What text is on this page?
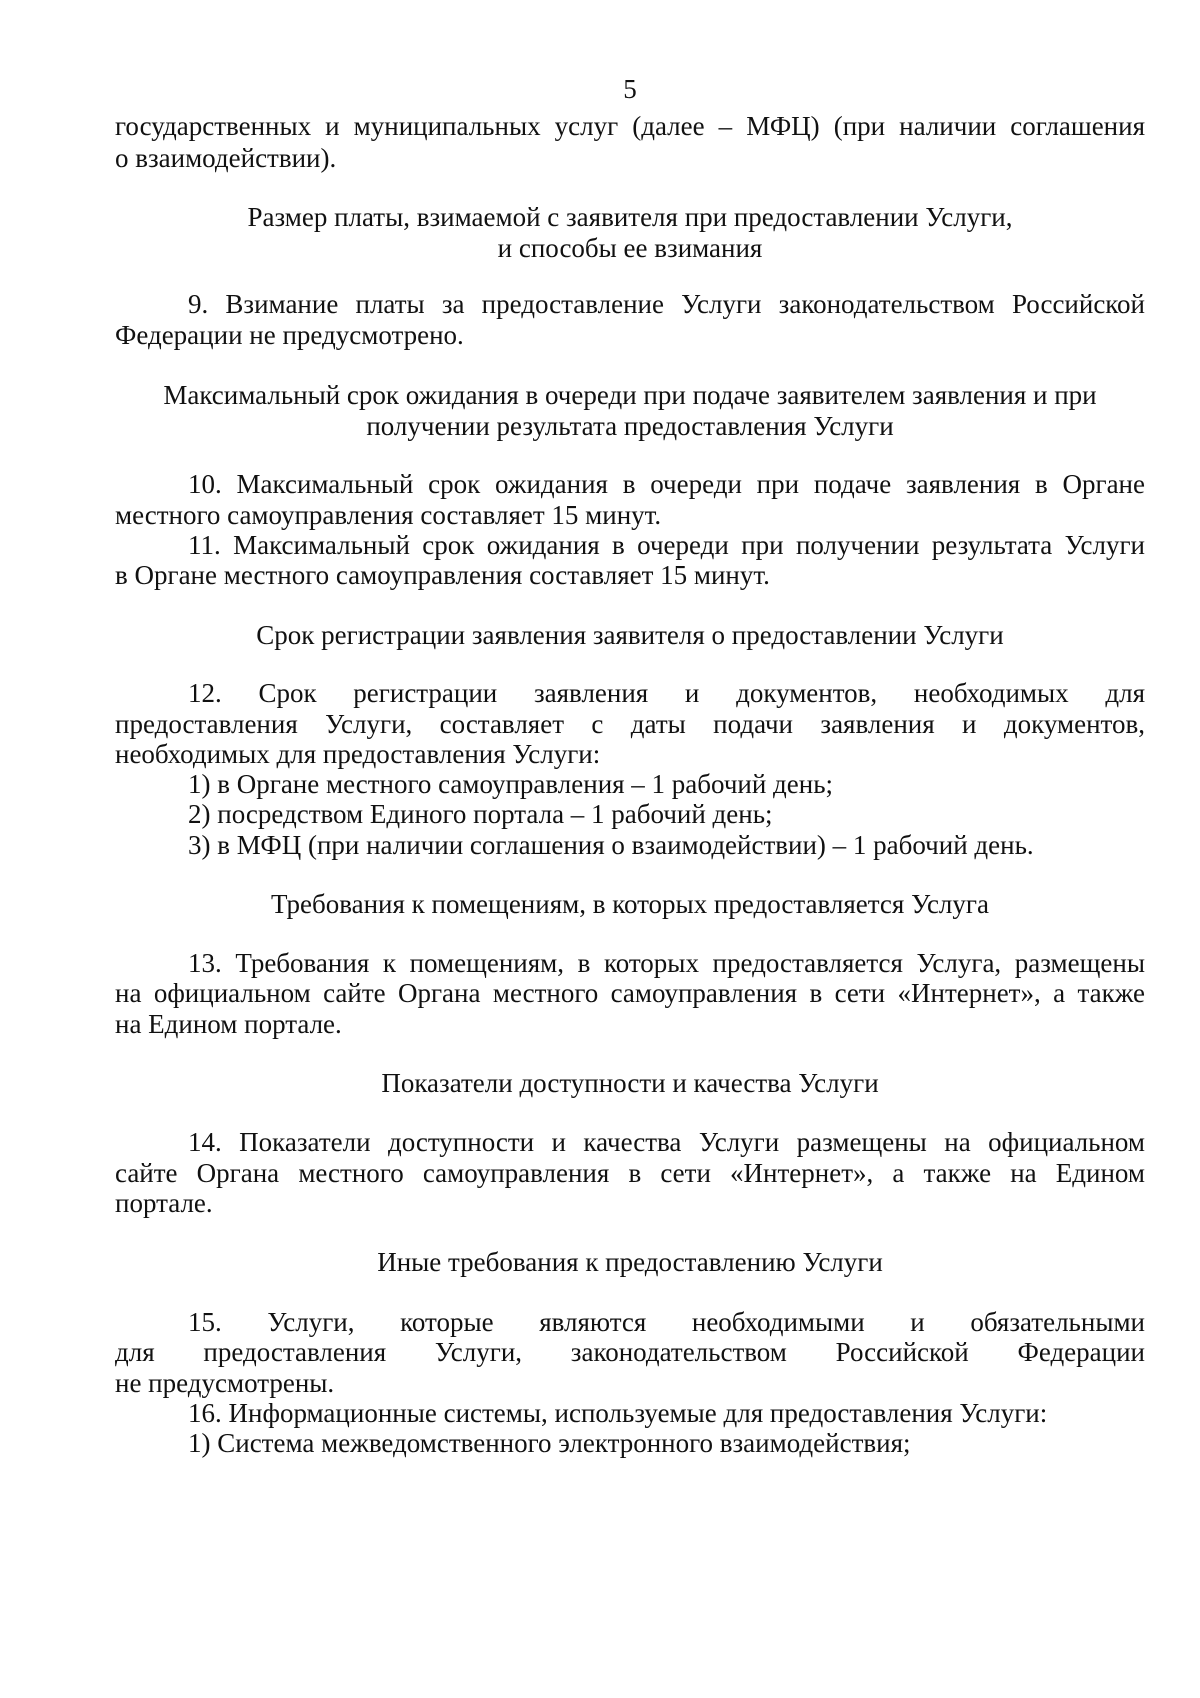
5
государственных и муниципальных услуг (далее – МФЦ) (при наличии соглашения
о взаимодействии).
Размер платы, взимаемой с заявителя при предоставлении Услуги,
и способы ее взимания
9. Взимание платы за предоставление Услуги законодательством Российской
Федерации не предусмотрено.
Максимальный срок ожидания в очереди при подаче заявителем заявления и при
получении результата предоставления Услуги
10. Максимальный срок ожидания в очереди при подаче заявления в Органе
местного самоуправления составляет 15 минут.
11. Максимальный срок ожидания в очереди при получении результата Услуги
в Органе местного самоуправления составляет 15 минут.
Срок регистрации заявления заявителя о предоставлении Услуги
12. Срок регистрации заявления и документов, необходимых для
предоставления Услуги, составляет с даты подачи заявления и документов,
необходимых для предоставления Услуги:
1) в Органе местного самоуправления – 1 рабочий день;
2) посредством Единого портала – 1 рабочий день;
3) в МФЦ (при наличии соглашения о взаимодействии) – 1 рабочий день.
Требования к помещениям, в которых предоставляется Услуга
13. Требования к помещениям, в которых предоставляется Услуга, размещены
на официальном сайте Органа местного самоуправления в сети «Интернет», а также
на Едином портале.
Показатели доступности и качества Услуги
14. Показатели доступности и качества Услуги размещены на официальном
сайте Органа местного самоуправления в сети «Интернет», а также на Едином
портале.
Иные требования к предоставлению Услуги
15. Услуги, которые являются необходимыми и обязательными
для предоставления Услуги, законодательством Российской Федерации
не предусмотрены.
16. Информационные системы, используемые для предоставления Услуги:
1) Система межведомственного электронного взаимодействия;
